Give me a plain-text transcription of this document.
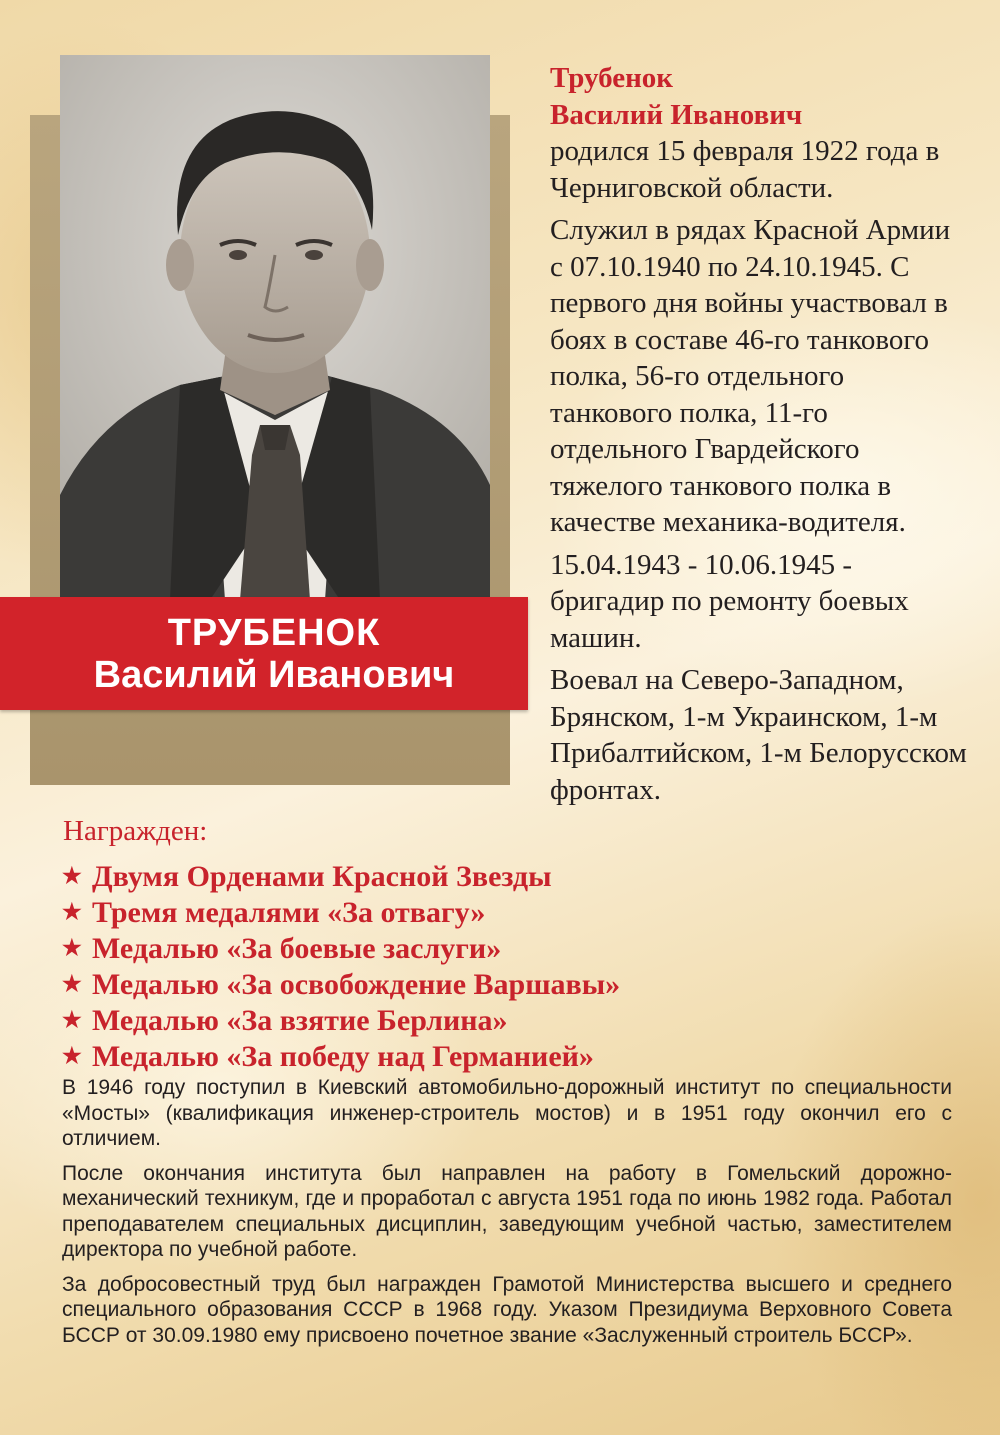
ТРУБЕНОК
Василий Иванович
Трубенок
Василий Иванович

родился 15 февраля 1922 года в Черниговской области.

Служил в рядах Красной Армии с 07.10.1940 по 24.10.1945. С первого дня войны участвовал в боях в составе 46-го танкового полка, 56-го отдельного танкового полка, 11-го отдельного Гвардейского тяжелого танкового полка в качестве механика-водителя.

15.04.1943 - 10.06.1945 - бригадир по ремонту боевых машин.

Воевал на Северо-Западном, Брянском, 1-м Украинском, 1-м Прибалтийском, 1-м Белорусском фронтах.

Награжден:
★ Двумя Орденами Красной Звезды
★ Тремя медалями «За отвагу»
★ Медалью «За боевые заслуги»
★ Медалью «За освобождение Варшавы»
★ Медалью «За взятие Берлина»
★ Медалью «За победу над Германией»

В 1946 году поступил в Киевский автомобильно-дорожный институт по специальности «Мосты» (квалификация инженер-строитель мостов) и в 1951 году окончил его с отличием.

После окончания института был направлен на работу в Гомельский дорожно-механический техникум, где и проработал с августа 1951 года по июнь 1982 года. Работал преподавателем специальных дисциплин, заведующим учебной частью, заместителем директора по учебной работе.

За добросовестный труд был награжден Грамотой Министерства высшего и среднего специального образования СССР в 1968 году. Указом Президиума Верховного Совета БССР от 30.09.1980 ему присвоено почетное звание «Заслуженный строитель БССР».
